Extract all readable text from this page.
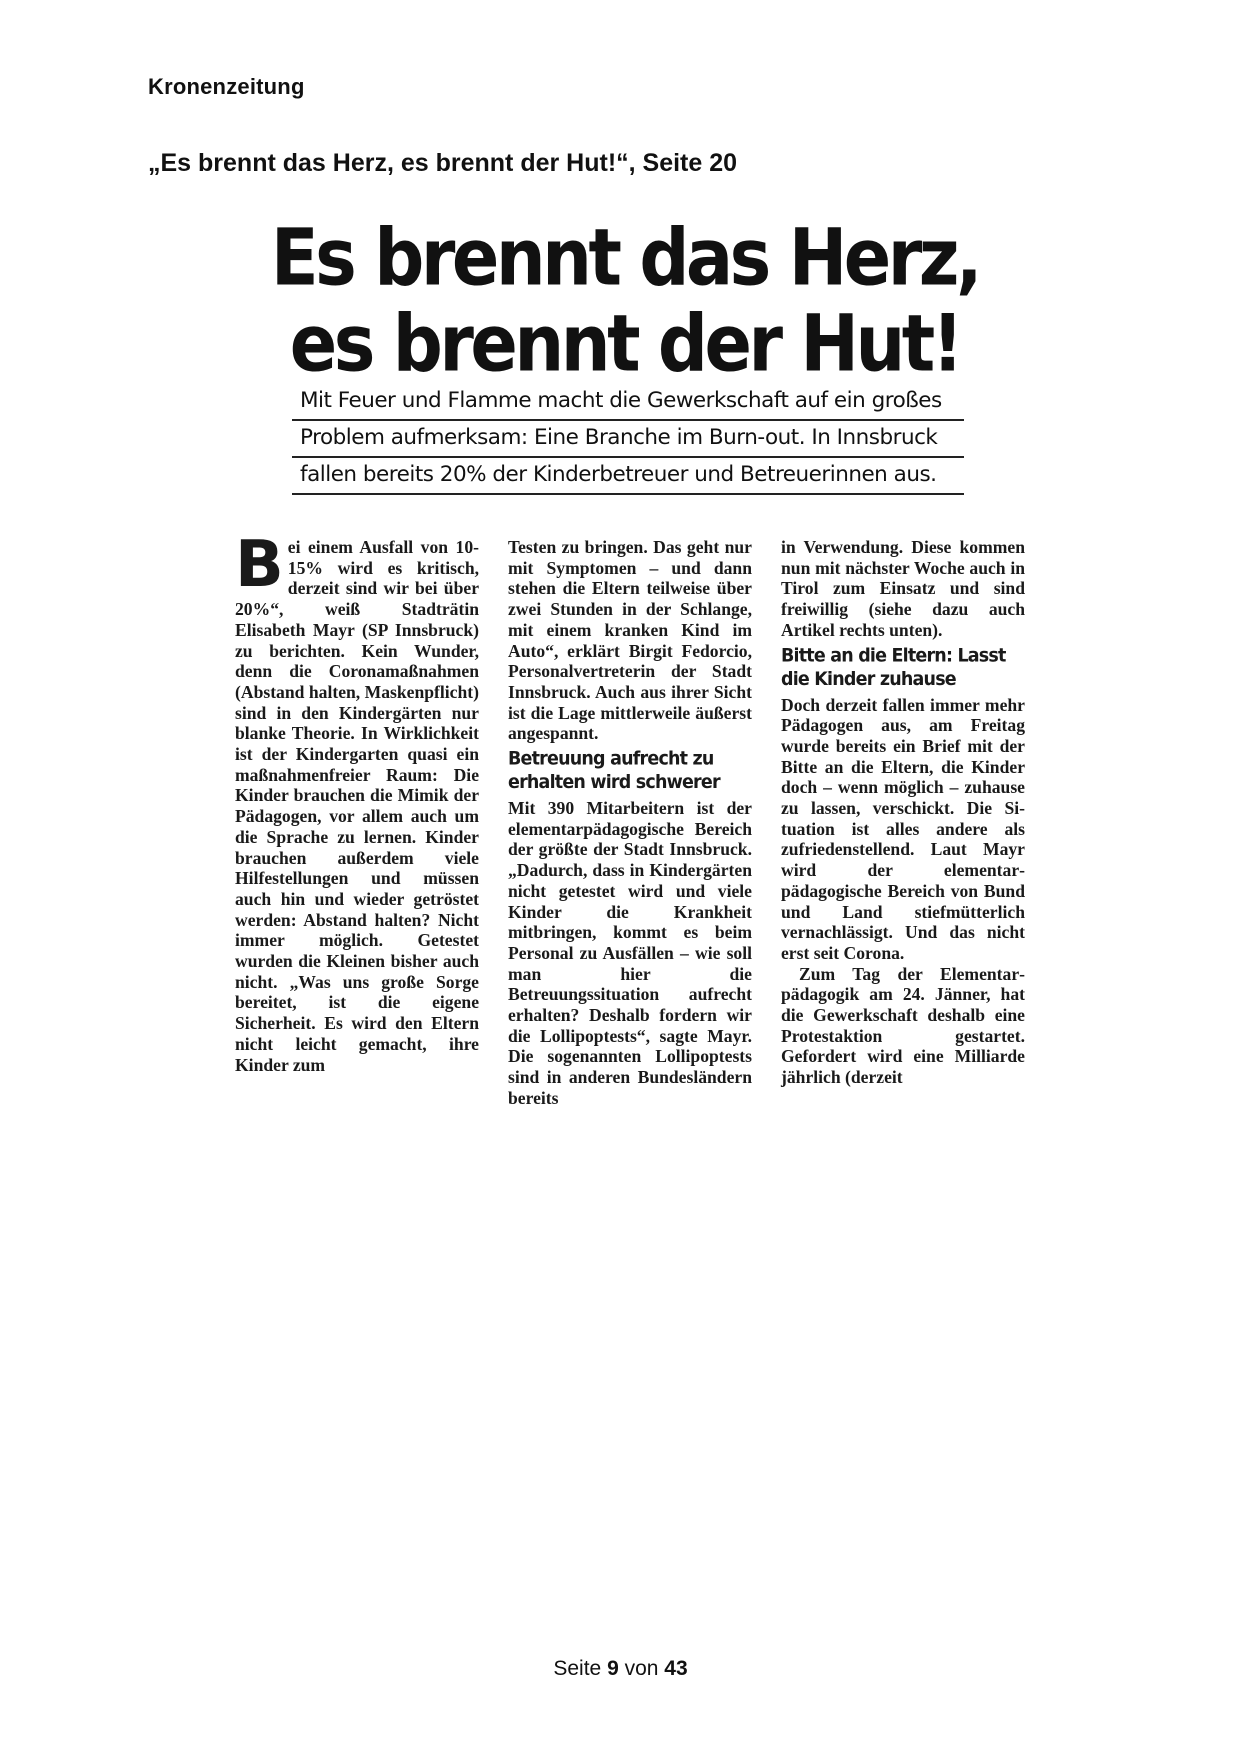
Kronenzeitung
„Es brennt das Herz, es brennt der Hut!“, Seite 20
Es brennt das Herz,
es brennt der Hut!
Mit Feuer und Flamme macht die Gewerkschaft auf ein großes
Problem aufmerksam: Eine Branche im Burn-out. In Innsbruck
fallen bereits 20% der Kinderbetreuer und Betreuerinnen aus.

Bei einem Ausfall von 10-15% wird es kritisch, derzeit sind wir bei über 20%“, weiß Stadträtin Elisabeth Mayr (SP Innsbruck) zu berichten. Kein Wunder, denn die Coronamaßnahmen (Abstand halten, Maskenpflicht) sind in den Kindergärten nur blanke Theorie. In Wirklichkeit ist der Kindergarten quasi ein maßnahmenfreier Raum: Die Kinder brauchen die Mimik der Pädagogen, vor allem auch um die Sprache zu lernen. Kinder brauchen außerdem viele Hilfestellungen und müssen auch hin und wieder getröstet werden: Abstand halten? Nicht immer möglich. Getestet wurden die Kleinen bisher auch nicht. „Was uns große Sorge bereitet, ist die eigene Sicherheit. Es wird den Eltern nicht leicht gemacht, ihre Kinder zum

Testen zu bringen. Das geht nur mit Symptomen – und dann stehen die Eltern teilweise über zwei Stunden in der Schlange, mit einem kranken Kind im Auto“, erklärt Birgit Fedorcio, Personalvertreterin der Stadt Innsbruck. Auch aus ihrer Sicht ist die Lage mittlerweile äußerst angespannt.

Betreuung aufrecht zu erhalten wird schwerer

Mit 390 Mitarbeitern ist der elementarpädagogische Bereich der größte der Stadt Innsbruck. „Dadurch, dass in Kindergärten nicht getestet wird und viele Kinder die Krankheit mitbringen, kommt es beim Personal zu Ausfällen – wie soll man hier die Betreuungssituation aufrecht erhalten? Deshalb fordern wir die Lollipoptests“, sagte Mayr. Die sogenannten Lollipoptests sind in anderen Bundesländern bereits

in Verwendung. Diese kommen nun mit nächster Woche auch in Tirol zum Einsatz und sind freiwillig (siehe dazu auch Artikel rechts unten).

Bitte an die Eltern: Lasst die Kinder zuhause

Doch derzeit fallen immer mehr Pädagogen aus, am Freitag wurde bereits ein Brief mit der Bitte an die Eltern, die Kinder doch – wenn möglich – zuhause zu lassen, verschickt. Die Situation ist alles andere als zufriedenstellend. Laut Mayr wird der elementarpädagogische Bereich von Bund und Land stiefmütterlich vernachlässigt. Und das nicht erst seit Corona.

Zum Tag der Elementarpädagogik am 24. Jänner, hat die Gewerkschaft deshalb eine Protestaktion gestartet. Gefordert wird eine Milliarde jährlich (derzeit

Seite 9 von 43
